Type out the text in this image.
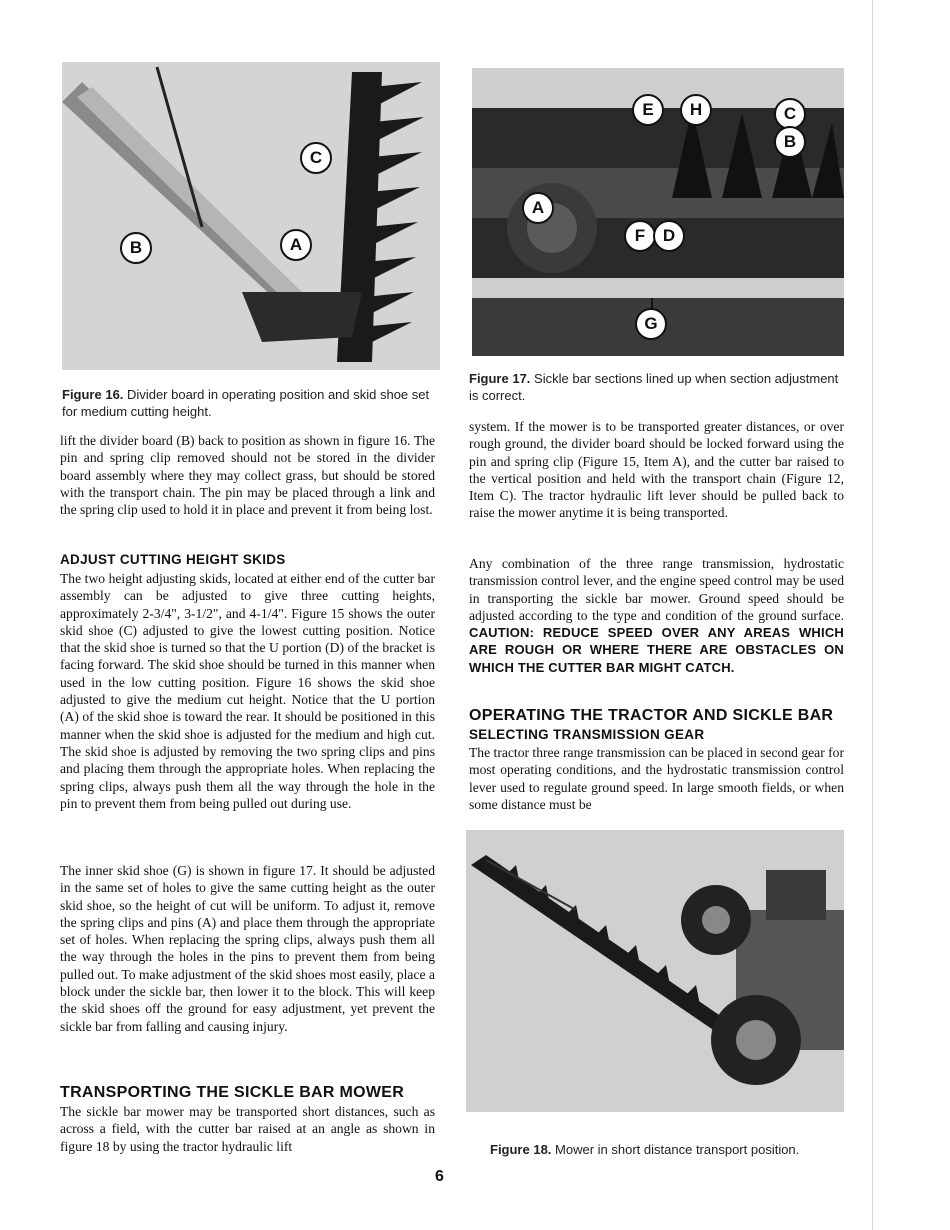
C
B	A
Figure 16. Divider board in operating position and skid shoe set for medium cutting height.
E	H	C
B
A
F	D
G
Figure 17. Sickle bar sections lined up when section adjustment is correct.

lift the divider board (B) back to position as shown in figure 16. The pin and spring clip removed should not be stored in the divider board assembly where they may collect grass, but should be stored with the transport chain. The pin may be placed through a link and the spring clip used to hold it in place and prevent it from being lost.

ADJUST CUTTING HEIGHT SKIDS

The two height adjusting skids, located at either end of the cutter bar assembly can be adjusted to give three cutting heights, approximately 2-3/4", 3-1/2", and 4-1/4". Figure 15 shows the outer skid shoe (C) adjusted to give the lowest cutting position. Notice that the skid shoe is turned so that the U portion (D) of the bracket is facing forward. The skid shoe should be turned in this manner when used in the low cutting position. Figure 16 shows the skid shoe adjusted to give the medium cut height. Notice that the U portion (A) of the skid shoe is toward the rear. It should be positioned in this manner when the skid shoe is adjusted for the medium and high cut. The skid shoe is adjusted by removing the two spring clips and pins and placing them through the appropriate holes. When replacing the spring clips, always push them all the way through the hole in the pin to prevent them from being pulled out during use.

The inner skid shoe (G) is shown in figure 17. It should be adjusted in the same set of holes to give the same cutting height as the outer skid shoe, so the height of cut will be uniform. To adjust it, remove the spring clips and pins (A) and place them through the appropriate set of holes. When replacing the spring clips, always push them all the way through the holes in the pins to prevent them from being pulled out. To make adjustment of the skid shoes most easily, place a block under the sickle bar, then lower it to the block. This will keep the skid shoes off the ground for easy adjustment, yet prevent the sickle bar from falling and causing injury.

TRANSPORTING THE SICKLE BAR MOWER

The sickle bar mower may be transported short distances, such as across a field, with the cutter bar raised at an angle as shown in figure 18 by using the tractor hydraulic lift

system. If the mower is to be transported greater distances, or over rough ground, the divider board should be locked forward using the pin and spring clip (Figure 15, Item A), and the cutter bar raised to the vertical position and held with the transport chain (Figure 12, Item C). The tractor hydraulic lift lever should be pulled back to raise the mower anytime it is being transported.

Any combination of the three range transmission, hydrostatic transmission control lever, and the engine speed control may be used in transporting the sickle bar mower. Ground speed should be adjusted according to the type and condition of the ground surface. CAUTION: REDUCE SPEED OVER ANY AREAS WHICH ARE ROUGH OR WHERE THERE ARE OBSTACLES ON WHICH THE CUTTER BAR MIGHT CATCH.

OPERATING THE TRACTOR AND SICKLE BAR
SELECTING TRANSMISSION GEAR

The tractor three range transmission can be placed in second gear for most operating conditions, and the hydrostatic transmission control lever used to regulate ground speed. In large smooth fields, or when some distance must be

Figure 18. Mower in short distance transport position.
6
